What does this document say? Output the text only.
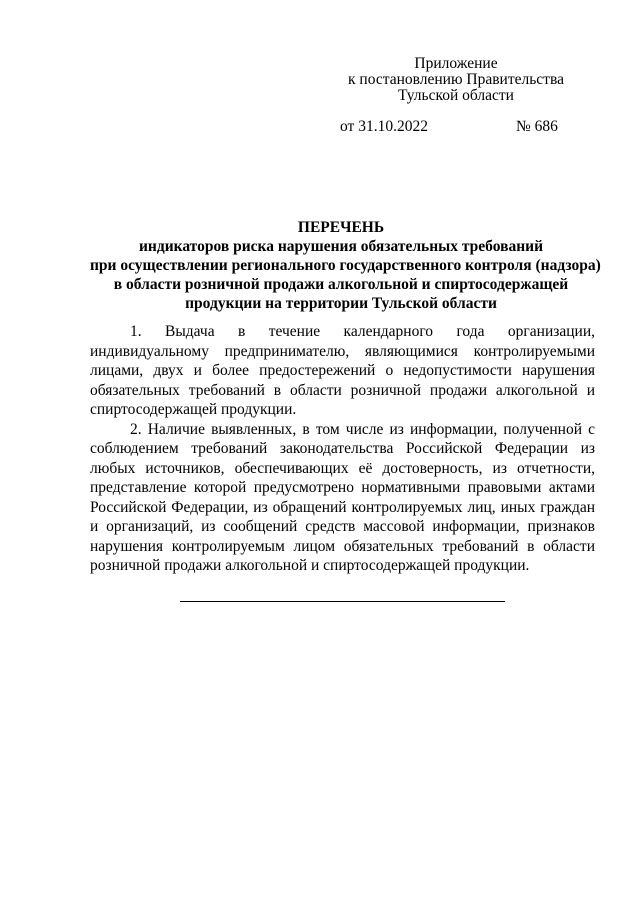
Приложение
к постановлению Правительства
Тульской области
от 31.10.2022	№ 686
ПЕРЕЧЕНЬ
индикаторов риска нарушения обязательных требований
при осуществлении регионального государственного контроля (надзора)
в области розничной продажи алкогольной и спиртосодержащей
продукции на территории Тульской области

1. Выдача в течение календарного года организации, индивидуальному предпринимателю, являющимися контролируемыми лицами, двух и более предостережений о недопустимости нарушения обязательных требований в области розничной продажи алкогольной и спиртосодержащей продукции.

2. Наличие выявленных, в том числе из информации, полученной с соблюдением требований законодательства Российской Федерации из любых источников, обеспечивающих её достоверность, из отчетности, представление которой предусмотрено нормативными правовыми актами Российской Федерации, из обращений контролируемых лиц, иных граждан и организаций, из сообщений средств массовой информации, признаков нарушения контролируемым лицом обязательных требований в области розничной продажи алкогольной и спиртосодержащей продукции.
